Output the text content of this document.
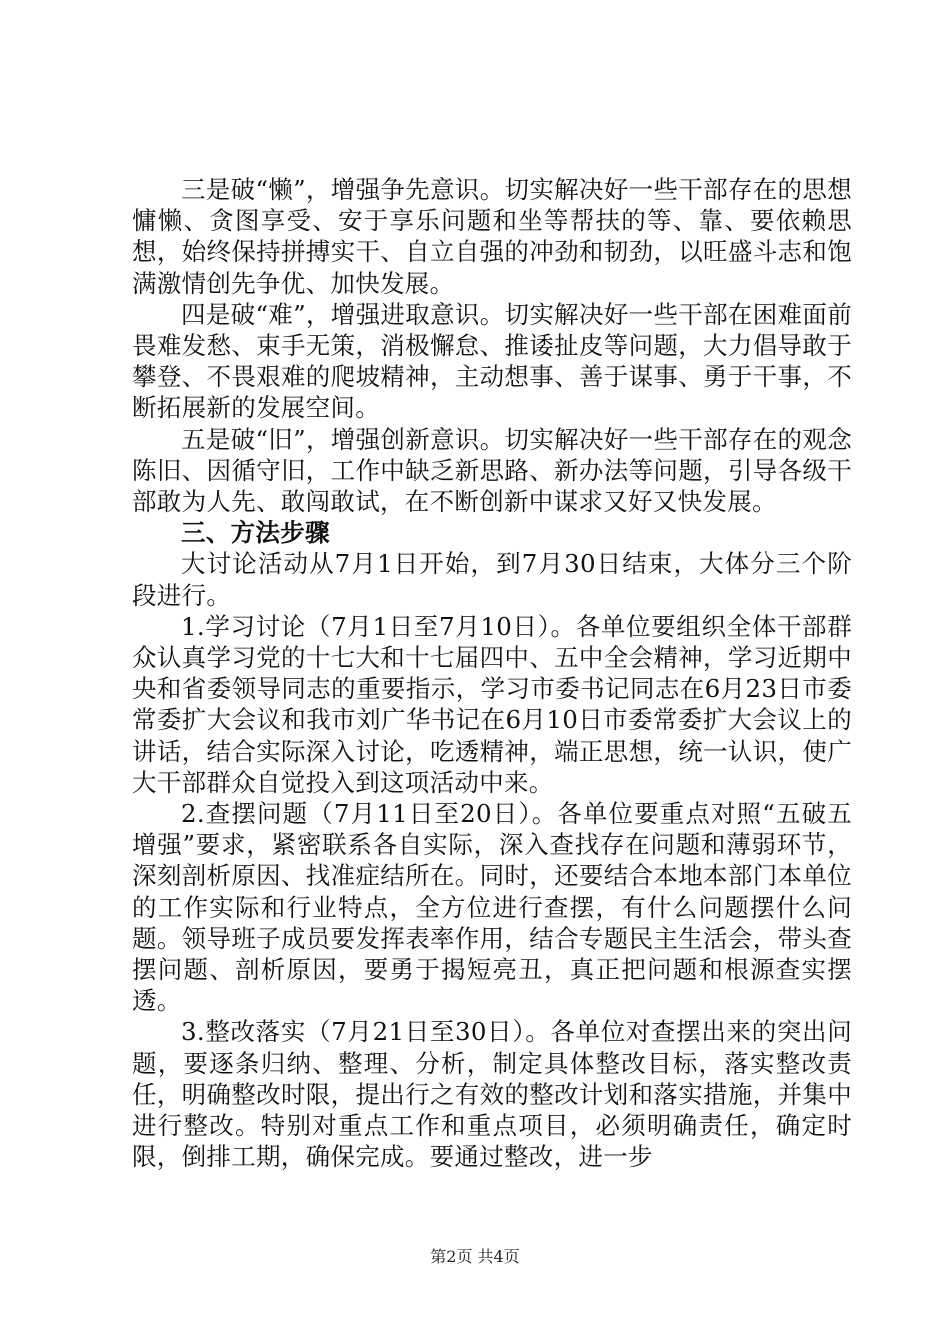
三是破“懒”，增强争先意识。切实解决好一些干部存在的思想慵懒、贪图享受、安于享乐问题和坐等帮扶的等、靠、要依赖思想，始终保持拼搏实干、自立自强的冲劲和韧劲，以旺盛斗志和饱满激情创先争优、加快发展。

四是破“难”，增强进取意识。切实解决好一些干部在困难面前畏难发愁、束手无策，消极懈怠、推诿扯皮等问题，大力倡导敢于攀登、不畏艰难的爬坡精神，主动想事、善于谋事、勇于干事，不断拓展新的发展空间。

五是破“旧”，增强创新意识。切实解决好一些干部存在的观念陈旧、因循守旧，工作中缺乏新思路、新办法等问题，引导各级干部敢为人先、敢闯敢试，在不断创新中谋求又好又快发展。

三、方法步骤

大讨论活动从7月1日开始，到7月30日结束，大体分三个阶段进行。

1.学习讨论（7月1日至7月10日）。各单位要组织全体干部群众认真学习党的十七大和十七届四中、五中全会精神，学习近期中央和省委领导同志的重要指示，学习市委书记同志在6月23日市委常委扩大会议和我市刘广华书记在6月10日市委常委扩大会议上的讲话，结合实际深入讨论，吃透精神，端正思想，统一认识，使广大干部群众自觉投入到这项活动中来。

2.查摆问题（7月11日至20日）。各单位要重点对照“五破五增强”要求，紧密联系各自实际，深入查找存在问题和薄弱环节，深刻剖析原因、找准症结所在。同时，还要结合本地本部门本单位的工作实际和行业特点，全方位进行查摆，有什么问题摆什么问题。领导班子成员要发挥表率作用，结合专题民主生活会，带头查摆问题、剖析原因，要勇于揭短亮丑，真正把问题和根源查实摆透。

3.整改落实（7月21日至30日）。各单位对查摆出来的突出问题，要逐条归纳、整理、分析，制定具体整改目标，落实整改责任，明确整改时限，提出行之有效的整改计划和落实措施，并集中进行整改。特别对重点工作和重点项目，必须明确责任，确定时限，倒排工期，确保完成。要通过整改，进一步

第2页 共4页
